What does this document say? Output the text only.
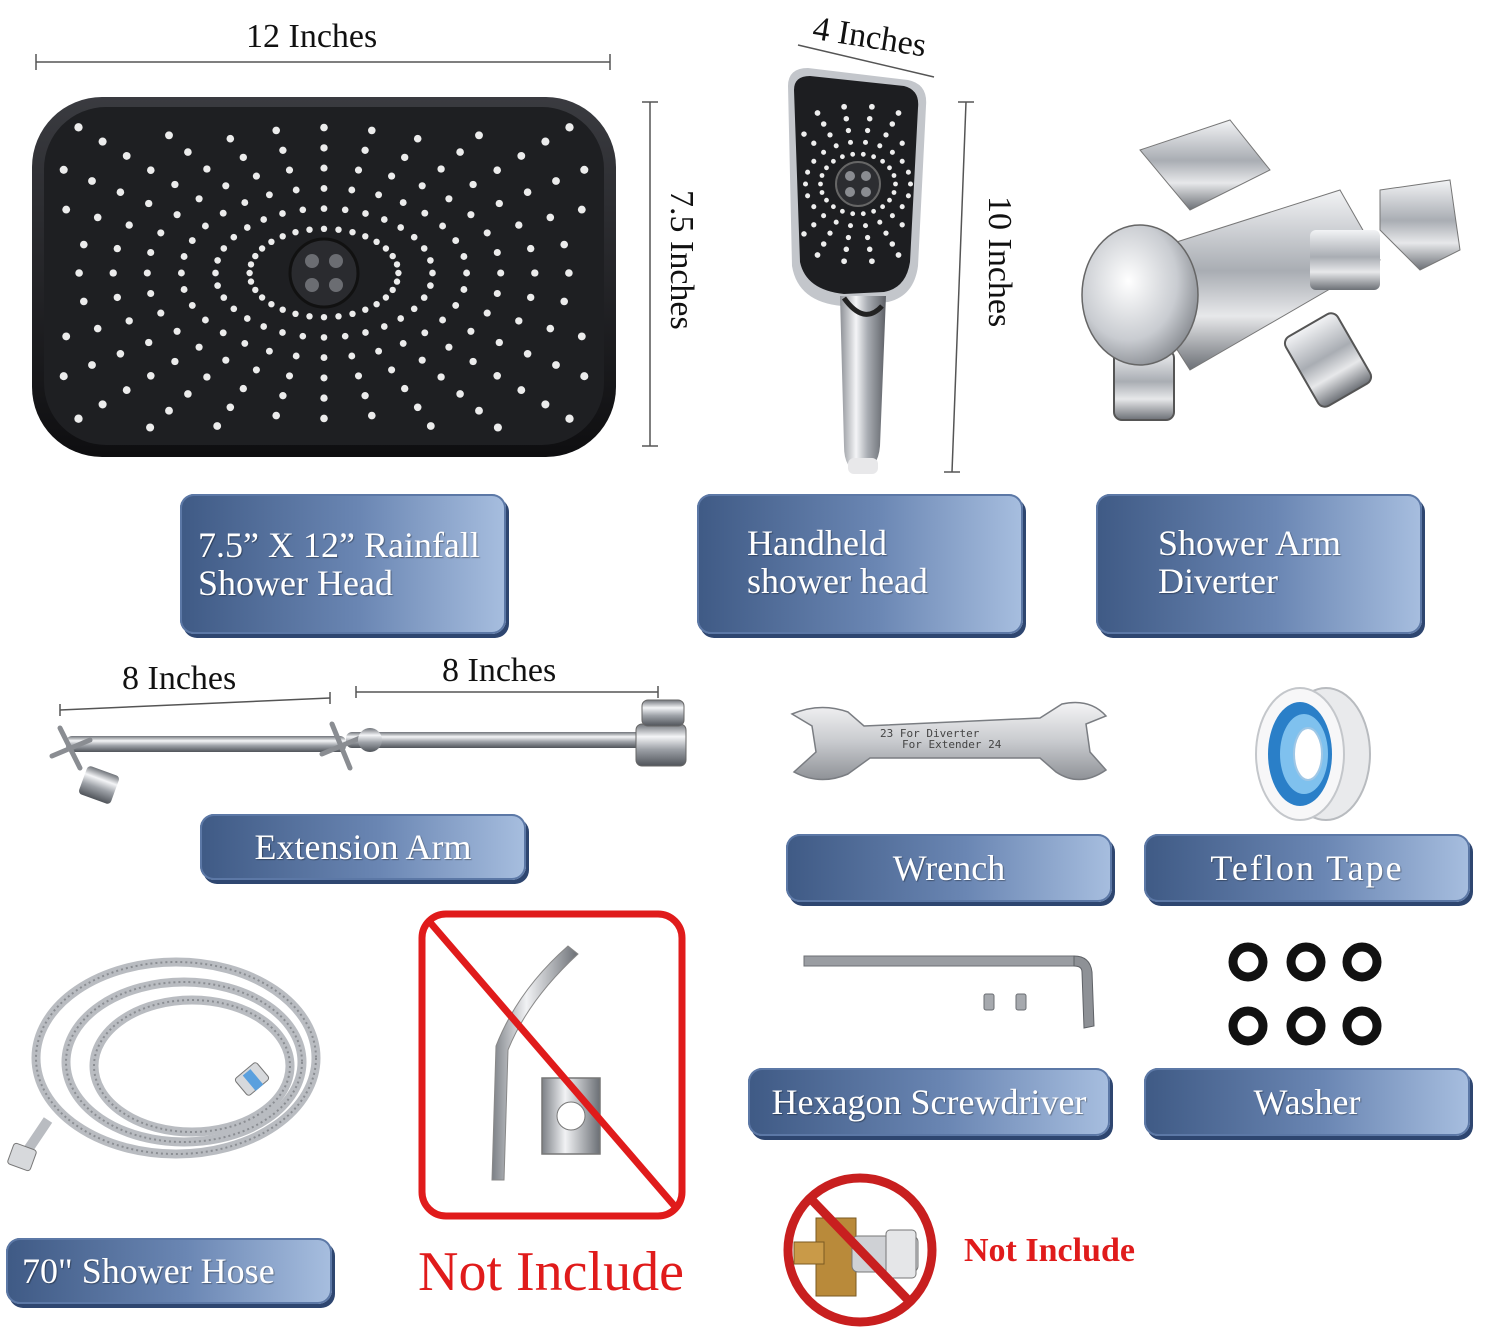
12 Inches
7.5 Inches
7.5” X 12” Rainfall
Shower Head
4 Inches
10 Inches
Handheld
shower head
Shower Arm
Diverter
8 Inches	8 Inches
Extension Arm
23 For Diverter
For Extender 24
Wrench	Teflon Tape
Hexagon Screwdriver	Washer
70" Shower Hose	Not Include	Not Include
